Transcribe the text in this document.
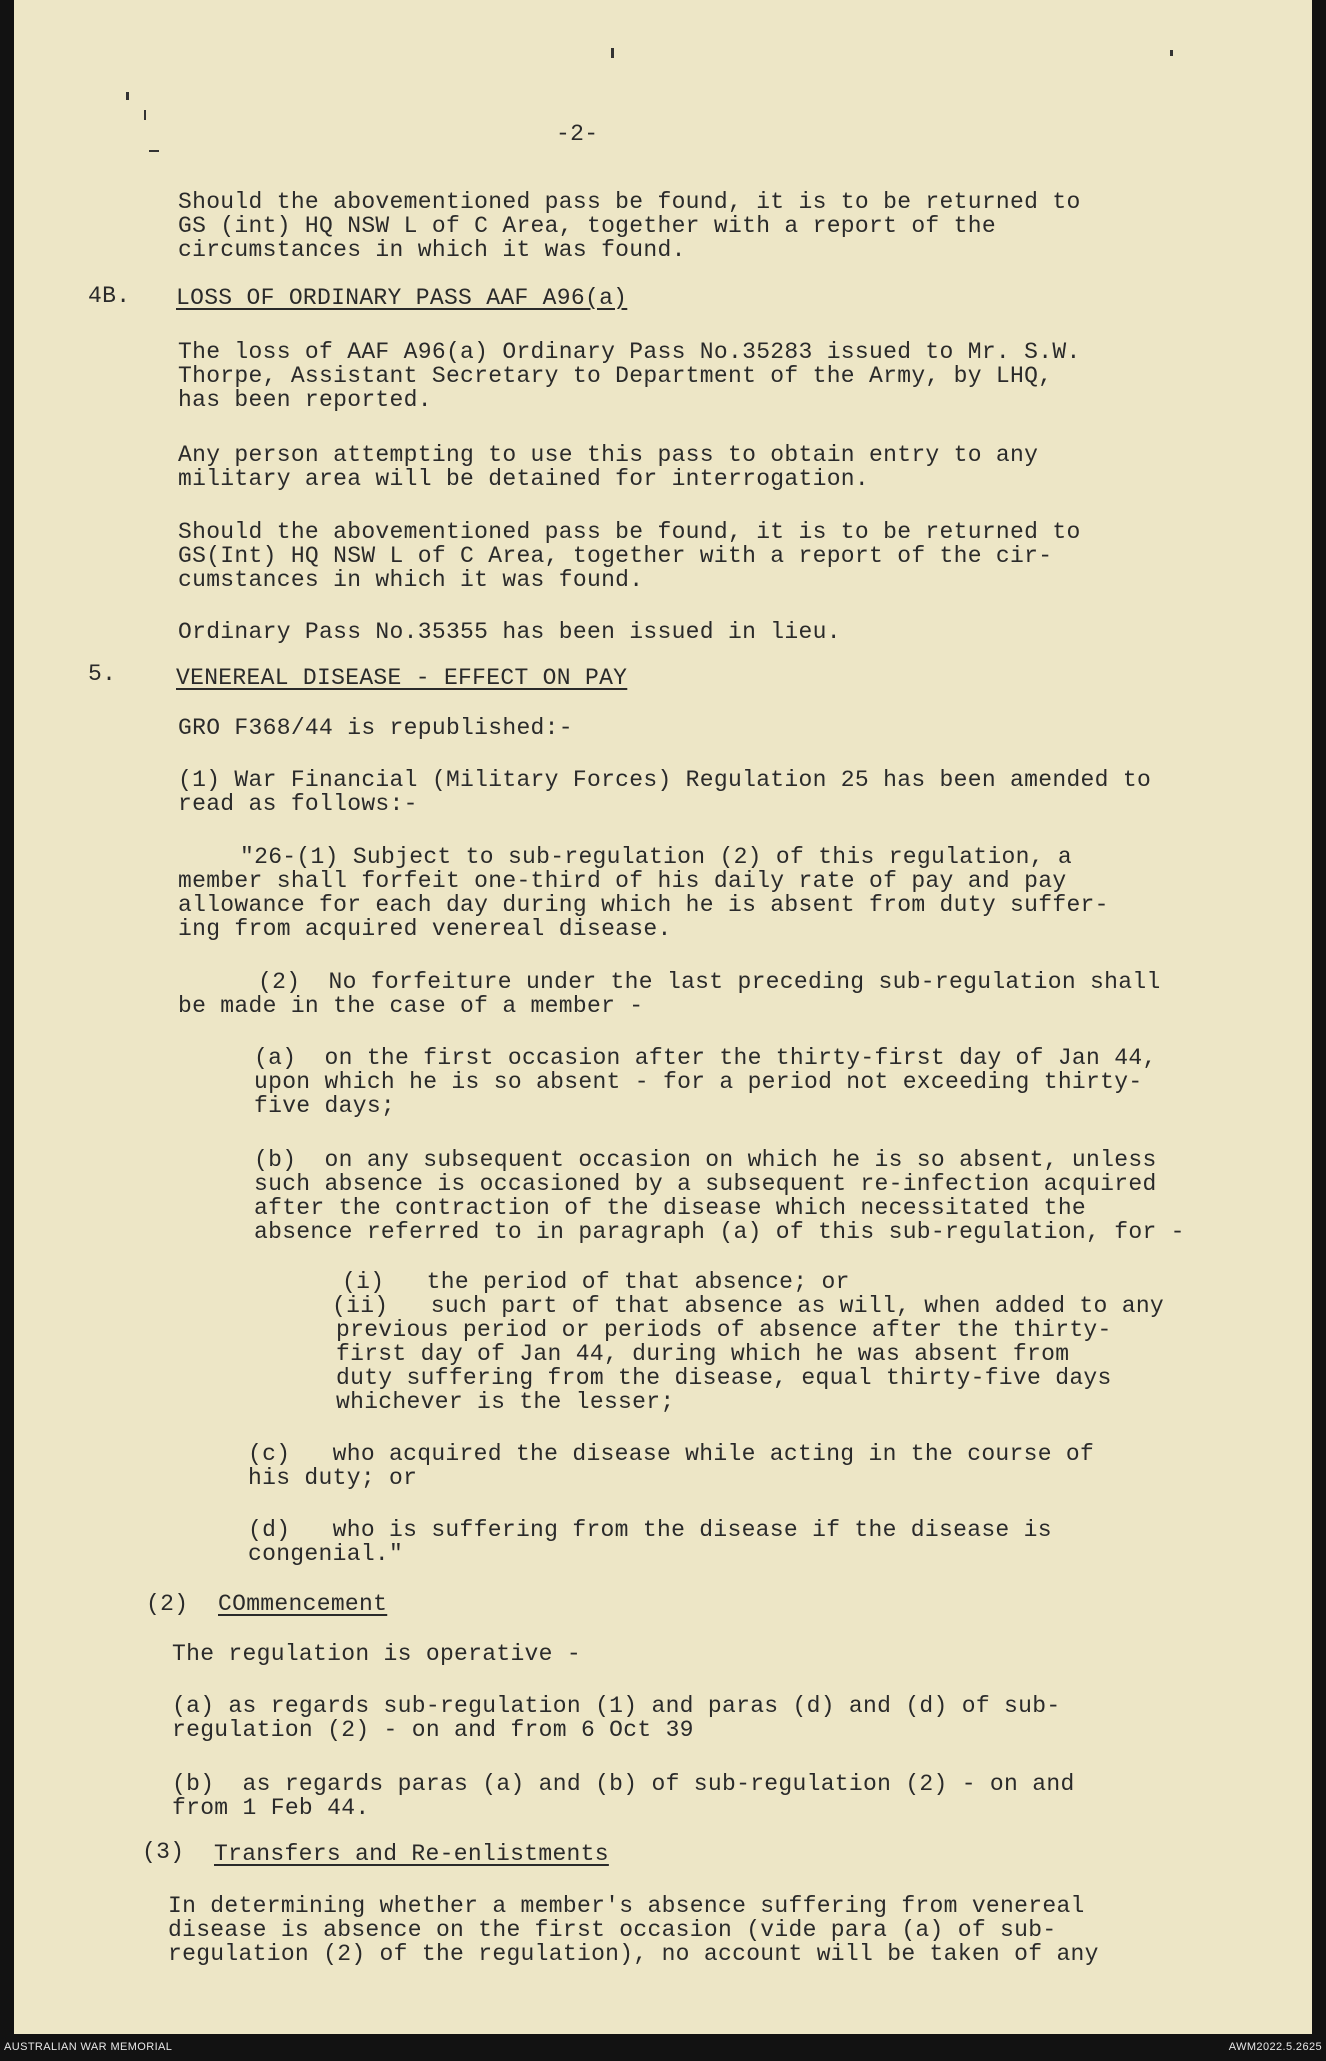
-2-

Should the abovementioned pass be found, it is to be returned to

GS (int) HQ NSW L of C Area, together with a report of the

circumstances in which it was found.

4B. LOSS OF ORDINARY PASS AAF A96(a)

The loss of AAF A96(a) Ordinary Pass No.35283 issued to Mr. S.W.

Thorpe, Assistant Secretary to Department of the Army, by LHQ,

has been reported.

Any person attempting to use this pass to obtain entry to any

military area will be detained for interrogation.

Should the abovementioned pass be found, it is to be returned to

GS(Int) HQ NSW L of C Area, together with a report of the cir-

cumstances in which it was found.

Ordinary Pass No.35355 has been issued in lieu.

5.	VENEREAL DISEASE - EFFECT ON PAY

GRO F368/44 is republished:-

(1) War Financial (Military Forces) Regulation 25 has been amended to

read as follows:-

"26-(1) Subject to sub-regulation (2) of this regulation, a

member shall forfeit one-third of his daily rate of pay and pay

allowance for each day during which he is absent from duty suffer-

ing from acquired venereal disease.

(2)  No forfeiture under the last preceding sub-regulation shall

be made in the case of a member -

(a)  on the first occasion after the thirty-first day of Jan 44,

upon which he is so absent - for a period not exceeding thirty-

five days;

(b)  on any subsequent occasion on which he is so absent, unless

such absence is occasioned by a subsequent re-infection acquired

after the contraction of the disease which necessitated the

absence referred to in paragraph (a) of this sub-regulation, for -

(i)   the period of that absence; or

(ii)   such part of that absence as will, when added to any

previous period or periods of absence after the thirty-

first day of Jan 44, during which he was absent from

duty suffering from the disease, equal thirty-five days

whichever is the lesser;

(c)   who acquired the disease while acting in the course of

his duty; or

(d)   who is suffering from the disease if the disease is

congenial."

(2) COmmencement

The regulation is operative -

(a) as regards sub-regulation (1) and paras (d) and (d) of sub-

regulation (2) - on and from 6 Oct 39

(b)  as regards paras (a) and (b) of sub-regulation (2) - on and

from 1 Feb 44.

(3) Transfers and Re-enlistments

In determining whether a member's absence suffering from venereal

disease is absence on the first occasion (vide para (a) of sub-

regulation (2) of the regulation), no account will be taken of any

AUSTRALIAN WAR MEMORIAL	AWM2022.5.2625
